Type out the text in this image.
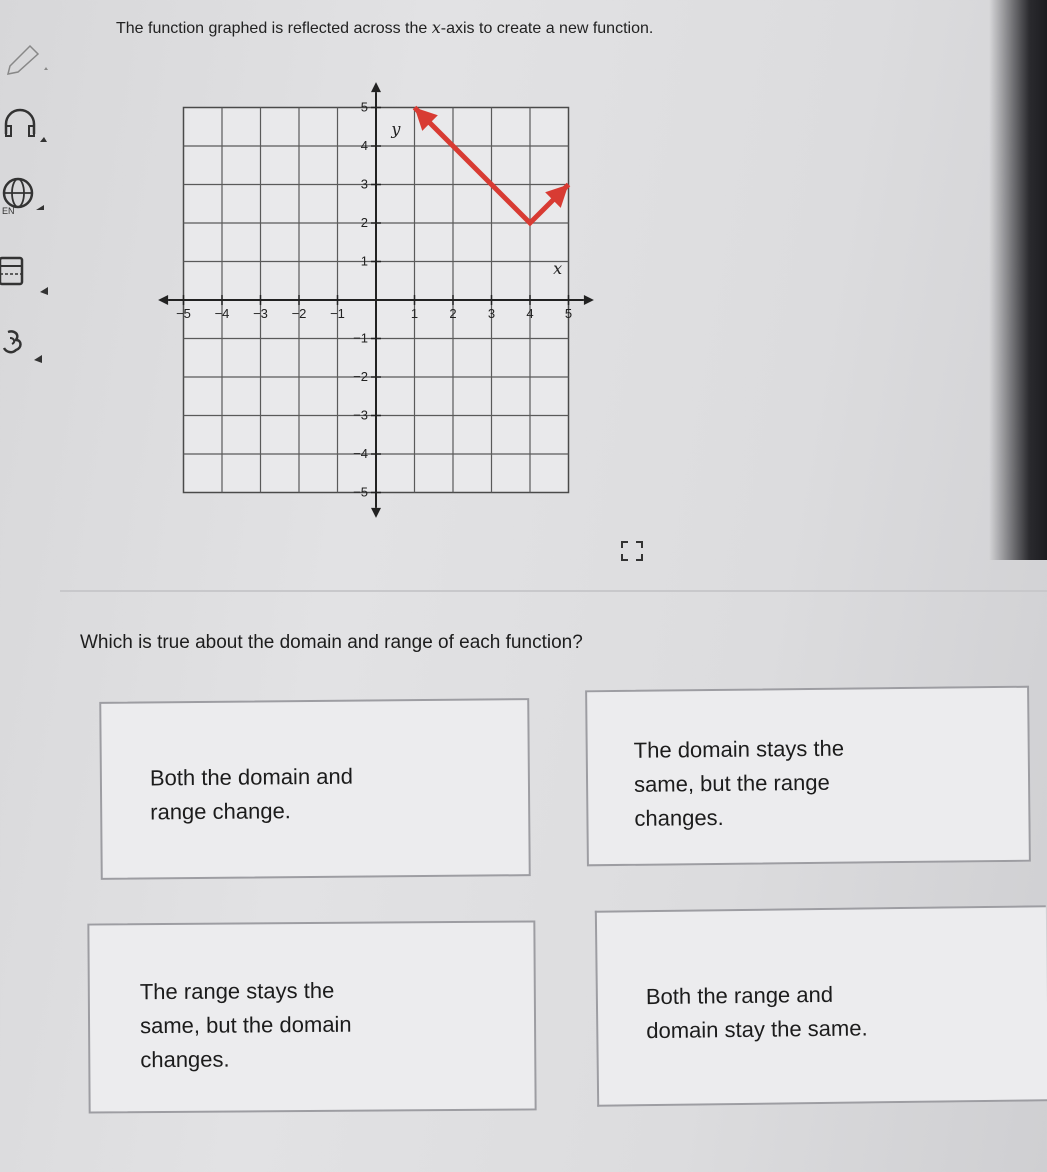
EN
The function graphed is reflected across the x-axis to create a new function.
−5 −4 −3 −2 −1	1 2 3 4 5
5
4
3
2
1
−1
−2
−3
−4
−5
x
y
Which is true about the domain and range of each function?
Both the domain and
range change.
The domain stays the
same, but the range
changes.
The range stays the
same, but the domain
changes.
Both the range and
domain stay the same.
